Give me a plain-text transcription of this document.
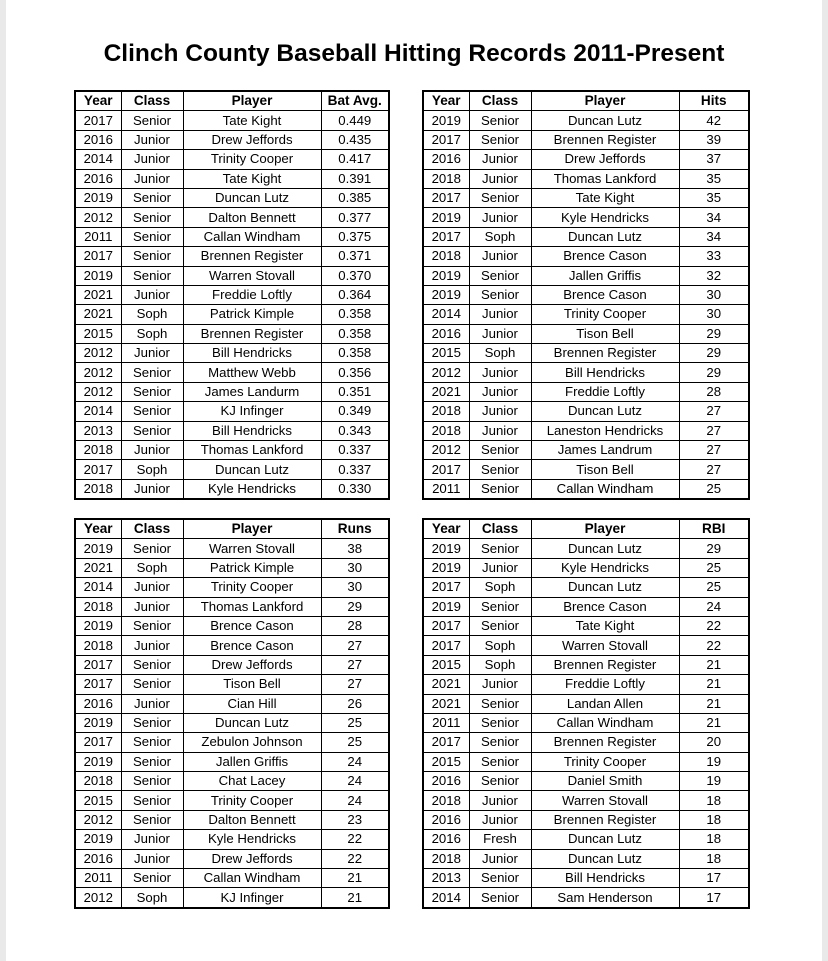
Clinch County Baseball Hitting Records 2011-Present
Year	Class	Player	Bat Avg.
2017	Senior	Tate Kight	0.449
2016	Junior	Drew Jeffords	0.435
2014	Junior	Trinity Cooper	0.417
2016	Junior	Tate Kight	0.391
2019	Senior	Duncan Lutz	0.385
2012	Senior	Dalton Bennett	0.377
2011	Senior	Callan Windham	0.375
2017	Senior	Brennen Register	0.371
2019	Senior	Warren Stovall	0.370
2021	Junior	Freddie Loftly	0.364
2021	Soph	Patrick Kimple	0.358
2015	Soph	Brennen Register	0.358
2012	Junior	Bill Hendricks	0.358
2012	Senior	Matthew Webb	0.356
2012	Senior	James Landurm	0.351
2014	Senior	KJ Infinger	0.349
2013	Senior	Bill Hendricks	0.343
2018	Junior	Thomas Lankford	0.337
2017	Soph	Duncan Lutz	0.337
2018	Junior	Kyle Hendricks	0.330
Year	Class	Player	Hits
2019	Senior	Duncan Lutz	42
2017	Senior	Brennen Register	39
2016	Junior	Drew Jeffords	37
2018	Junior	Thomas Lankford	35
2017	Senior	Tate Kight	35
2019	Junior	Kyle Hendricks	34
2017	Soph	Duncan Lutz	34
2018	Junior	Brence Cason	33
2019	Senior	Jallen Griffis	32
2019	Senior	Brence Cason	30
2014	Junior	Trinity Cooper	30
2016	Junior	Tison Bell	29
2015	Soph	Brennen Register	29
2012	Junior	Bill Hendricks	29
2021	Junior	Freddie Loftly	28
2018	Junior	Duncan Lutz	27
2018	Junior	Laneston Hendricks	27
2012	Senior	James Landrum	27
2017	Senior	Tison Bell	27
2011	Senior	Callan Windham	25
Year	Class	Player	Runs
2019	Senior	Warren Stovall	38
2021	Soph	Patrick Kimple	30
2014	Junior	Trinity Cooper	30
2018	Junior	Thomas Lankford	29
2019	Senior	Brence Cason	28
2018	Junior	Brence Cason	27
2017	Senior	Drew Jeffords	27
2017	Senior	Tison Bell	27
2016	Junior	Cian Hill	26
2019	Senior	Duncan Lutz	25
2017	Senior	Zebulon Johnson	25
2019	Senior	Jallen Griffis	24
2018	Senior	Chat Lacey	24
2015	Senior	Trinity Cooper	24
2012	Senior	Dalton Bennett	23
2019	Junior	Kyle Hendricks	22
2016	Junior	Drew Jeffords	22
2011	Senior	Callan Windham	21
2012	Soph	KJ Infinger	21
Year	Class	Player	RBI
2019	Senior	Duncan Lutz	29
2019	Junior	Kyle Hendricks	25
2017	Soph	Duncan Lutz	25
2019	Senior	Brence Cason	24
2017	Senior	Tate Kight	22
2017	Soph	Warren Stovall	22
2015	Soph	Brennen Register	21
2021	Junior	Freddie Loftly	21
2021	Senior	Landan Allen	21
2011	Senior	Callan Windham	21
2017	Senior	Brennen Register	20
2015	Senior	Trinity Cooper	19
2016	Senior	Daniel Smith	19
2018	Junior	Warren Stovall	18
2016	Junior	Brennen Register	18
2016	Fresh	Duncan Lutz	18
2018	Junior	Duncan Lutz	18
2013	Senior	Bill Hendricks	17
2014	Senior	Sam Henderson	17
